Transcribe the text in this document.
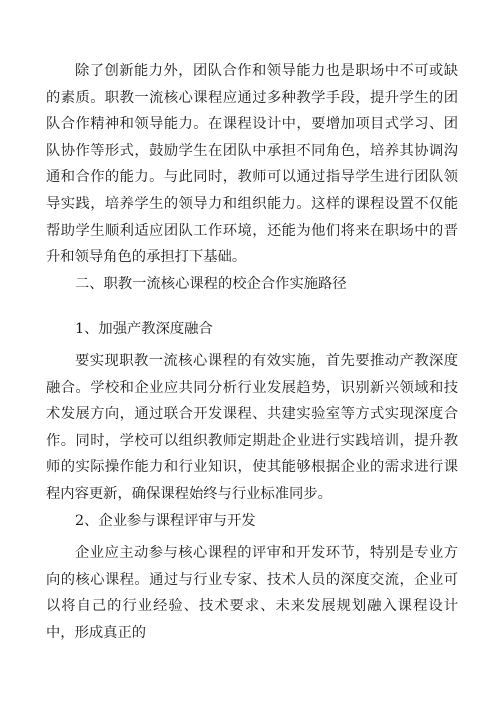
除了创新能力外，团队合作和领导能力也是职场中不可或缺的素质。职教一流核心课程应通过多种教学手段，提升学生的团队合作精神和领导能力。在课程设计中，要增加项目式学习、团队协作等形式，鼓励学生在团队中承担不同角色，培养其协调沟通和合作的能力。与此同时，教师可以通过指导学生进行团队领导实践，培养学生的领导力和组织能力。这样的课程设置不仅能帮助学生顺利适应团队工作环境，还能为他们将来在职场中的晋升和领导角色的承担打下基础。

二、职教一流核心课程的校企合作实施路径

1、加强产教深度融合

要实现职教一流核心课程的有效实施，首先要推动产教深度融合。学校和企业应共同分析行业发展趋势，识别新兴领域和技术发展方向，通过联合开发课程、共建实验室等方式实现深度合作。同时，学校可以组织教师定期赴企业进行实践培训，提升教师的实际操作能力和行业知识，使其能够根据企业的需求进行课程内容更新，确保课程始终与行业标准同步。

2、企业参与课程评审与开发

企业应主动参与核心课程的评审和开发环节，特别是专业方向的核心课程。通过与行业专家、技术人员的深度交流，企业可以将自己的行业经验、技术要求、未来发展规划融入课程设计中，形成真正的
